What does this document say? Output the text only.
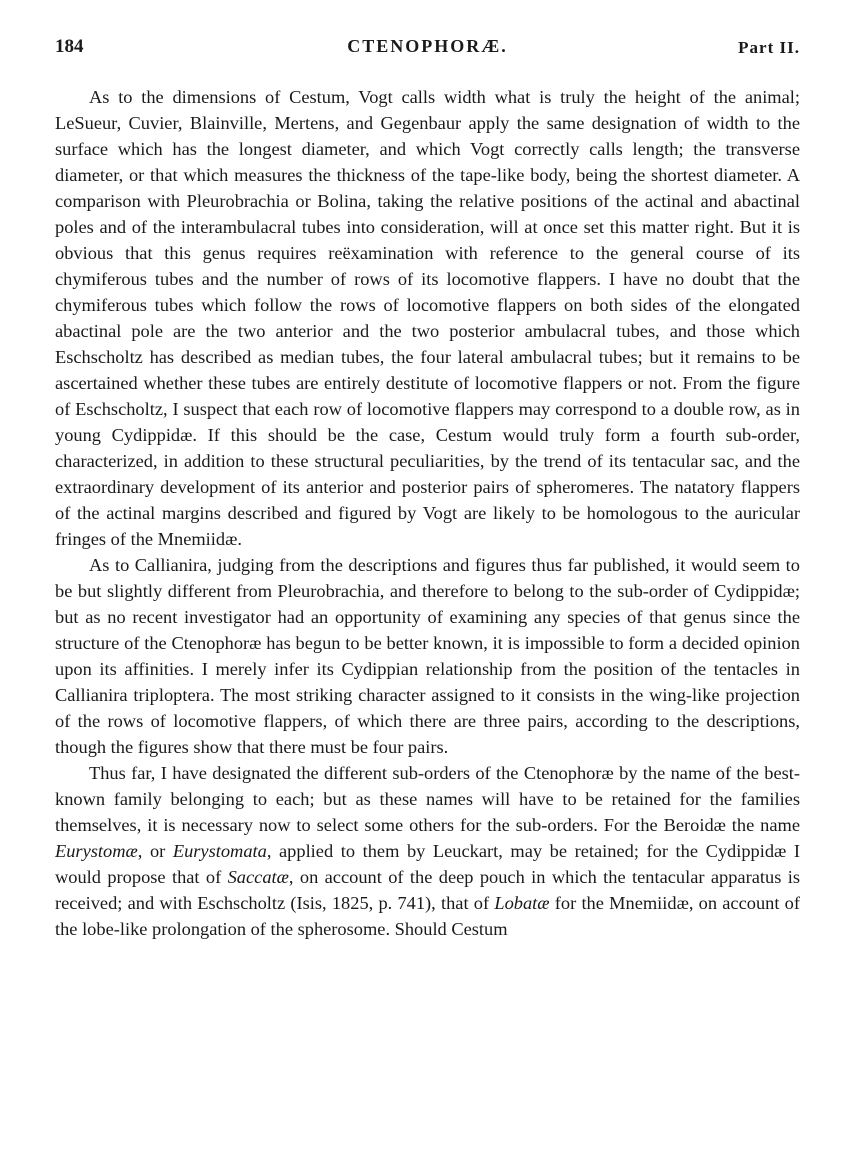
184	CTENOPHORÆ.	Part II.

As to the dimensions of Cestum, Vogt calls width what is truly the height of the animal; LeSueur, Cuvier, Blainville, Mertens, and Gegenbaur apply the same designation of width to the surface which has the longest diameter, and which Vogt correctly calls length; the transverse diameter, or that which measures the thickness of the tape-like body, being the shortest diameter. A comparison with Pleurobrachia or Bolina, taking the relative positions of the actinal and abactinal poles and of the interambulacral tubes into consideration, will at once set this matter right. But it is obvious that this genus requires reëxamination with reference to the general course of its chymiferous tubes and the number of rows of its locomotive flappers. I have no doubt that the chymiferous tubes which follow the rows of locomotive flappers on both sides of the elongated abactinal pole are the two anterior and the two posterior ambulacral tubes, and those which Eschscholtz has described as median tubes, the four lateral ambulacral tubes; but it remains to be ascertained whether these tubes are entirely destitute of locomotive flappers or not. From the figure of Eschscholtz, I suspect that each row of locomotive flappers may correspond to a double row, as in young Cydippidæ. If this should be the case, Cestum would truly form a fourth sub-order, characterized, in addition to these structural peculiarities, by the trend of its tentacular sac, and the extraordinary development of its anterior and posterior pairs of spheromeres. The natatory flappers of the actinal margins described and figured by Vogt are likely to be homologous to the auricular fringes of the Mnemiidæ.

As to Callianira, judging from the descriptions and figures thus far published, it would seem to be but slightly different from Pleurobrachia, and therefore to belong to the sub-order of Cydippidæ; but as no recent investigator had an opportunity of examining any species of that genus since the structure of the Ctenophoræ has begun to be better known, it is impossible to form a decided opinion upon its affinities. I merely infer its Cydippian relationship from the position of the tentacles in Callianira triploptera. The most striking character assigned to it consists in the wing-like projection of the rows of locomotive flappers, of which there are three pairs, according to the descriptions, though the figures show that there must be four pairs.

Thus far, I have designated the different sub-orders of the Ctenophoræ by the name of the best-known family belonging to each; but as these names will have to be retained for the families themselves, it is necessary now to select some others for the sub-orders. For the Beroidæ the name Eurystomæ, or Eurystomata, applied to them by Leuckart, may be retained; for the Cydippidæ I would propose that of Saccatæ, on account of the deep pouch in which the tentacular apparatus is received; and with Eschscholtz (Isis, 1825, p. 741), that of Lobatæ for the Mnemiidæ, on account of the lobe-like prolongation of the spherosome. Should Cestum
